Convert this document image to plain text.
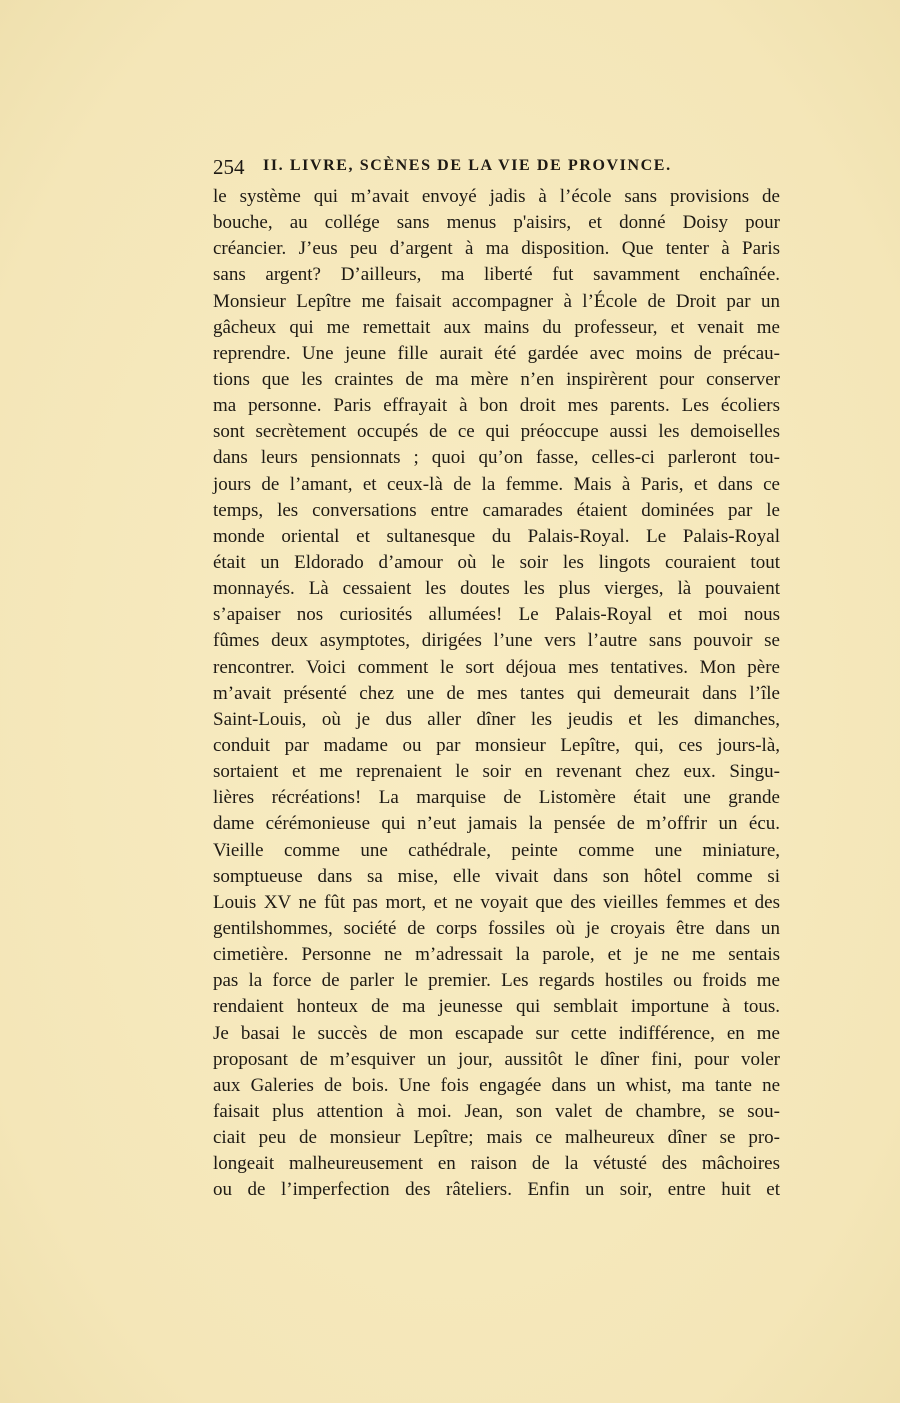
254 II. LIVRE, SCÈNES DE LA VIE DE PROVINCE.
le système qui m’avait envoyé jadis à l’école sans provisions de
bouche, au collége sans menus p'aisirs, et donné Doisy pour
créancier. J’eus peu d’argent à ma disposition. Que tenter à Paris
sans argent? D’ailleurs, ma liberté fut savamment enchaînée.
Monsieur Lepître me faisait accompagner à l’École de Droit par un
gâcheux qui me remettait aux mains du professeur, et venait me
reprendre. Une jeune fille aurait été gardée avec moins de précau-
tions que les craintes de ma mère n’en inspirèrent pour conserver
ma personne. Paris effrayait à bon droit mes parents. Les écoliers
sont secrètement occupés de ce qui préoccupe aussi les demoiselles
dans leurs pensionnats ; quoi qu’on fasse, celles-ci parleront tou-
jours de l’amant, et ceux-là de la femme. Mais à Paris, et dans ce
temps, les conversations entre camarades étaient dominées par le
monde oriental et sultanesque du Palais-Royal. Le Palais-Royal
était un Eldorado d’amour où le soir les lingots couraient tout
monnayés. Là cessaient les doutes les plus vierges, là pouvaient
s’apaiser nos curiosités allumées! Le Palais-Royal et moi nous
fûmes deux asymptotes, dirigées l’une vers l’autre sans pouvoir se
rencontrer. Voici comment le sort déjoua mes tentatives. Mon père
m’avait présenté chez une de mes tantes qui demeurait dans l’île
Saint-Louis, où je dus aller dîner les jeudis et les dimanches,
conduit par madame ou par monsieur Lepître, qui, ces jours-là,
sortaient et me reprenaient le soir en revenant chez eux. Singu-
lières récréations! La marquise de Listomère était une grande
dame cérémonieuse qui n’eut jamais la pensée de m’offrir un écu.
Vieille comme une cathédrale, peinte comme une miniature,
somptueuse dans sa mise, elle vivait dans son hôtel comme si
Louis XV ne fût pas mort, et ne voyait que des vieilles femmes et des
gentilshommes, société de corps fossiles où je croyais être dans un
cimetière. Personne ne m’adressait la parole, et je ne me sentais
pas la force de parler le premier. Les regards hostiles ou froids me
rendaient honteux de ma jeunesse qui semblait importune à tous.
Je basai le succès de mon escapade sur cette indifférence, en me
proposant de m’esquiver un jour, aussitôt le dîner fini, pour voler
aux Galeries de bois. Une fois engagée dans un whist, ma tante ne
faisait plus attention à moi. Jean, son valet de chambre, se sou-
ciait peu de monsieur Lepître; mais ce malheureux dîner se pro-
longeait malheureusement en raison de la vétusté des mâchoires
ou de l’imperfection des râteliers. Enfin un soir, entre huit et
